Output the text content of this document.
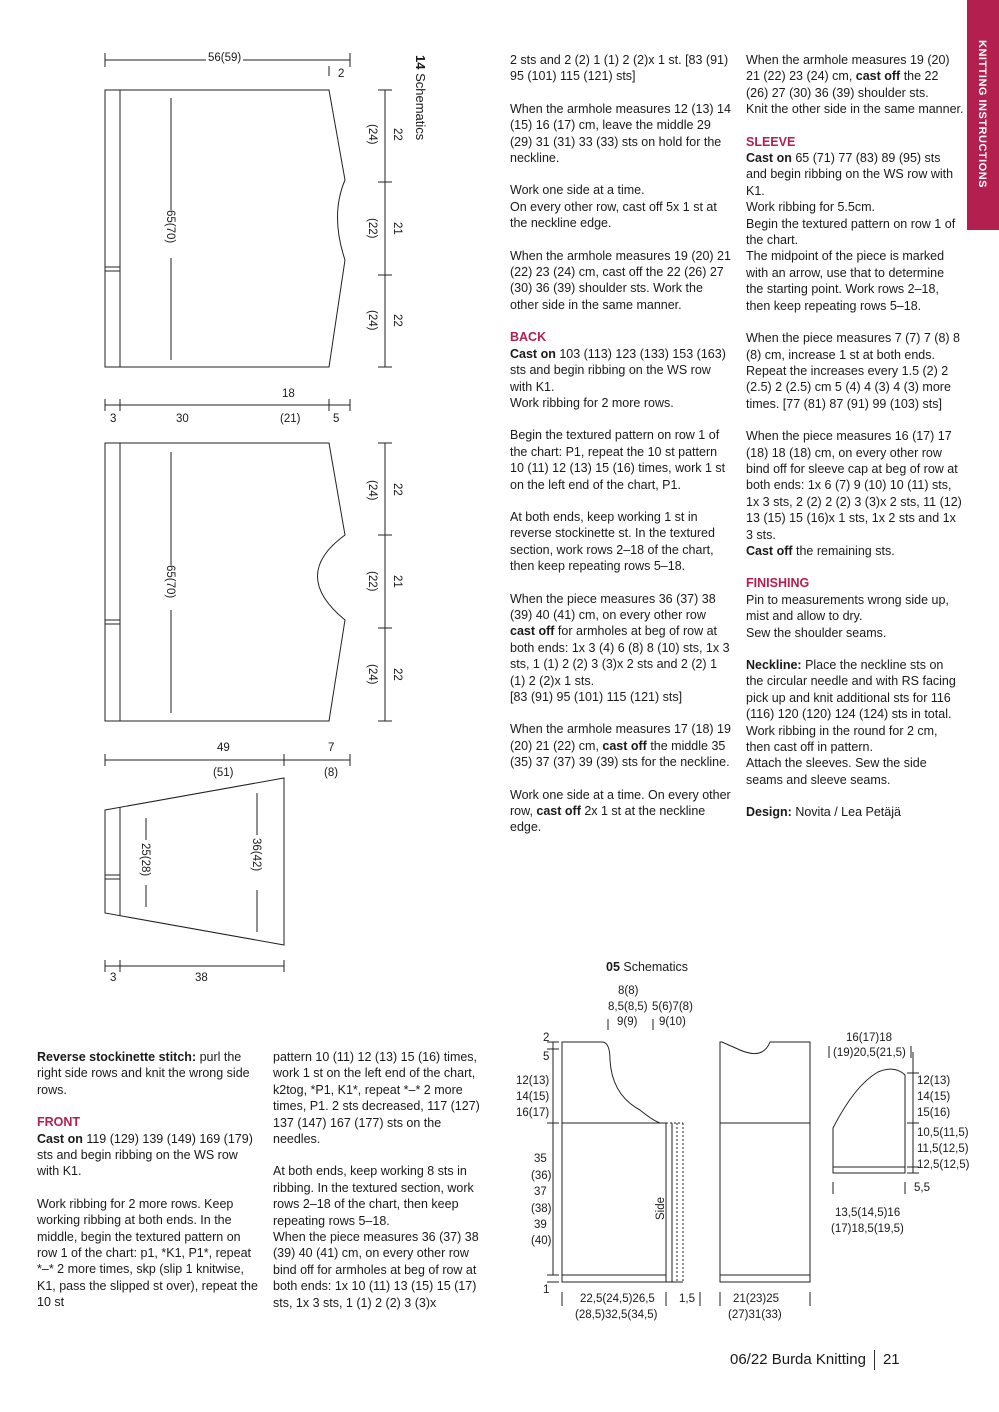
KNITTING INSTRUCTIONS
14 Schematics
56(59)
2
65(70)
22
21
22
(24)
(22)
(24)
18
3	30	(21)	5
65(70)
22
21
22
(24)
(22)
(24)
49	7
(51)	(8)
25(28)	36(42)
3	38

2 sts and 2 (2) 1 (1) 2 (2)x 1 st. [83 (91) 95 (101) 115 (121) sts]

When the armhole measures 12 (13) 14 (15) 16 (17) cm, leave the middle 29 (29) 31 (31) 33 (33) sts on hold for the neckline.

Work one side at a time.
On every other row, cast off 5x 1 st at the neckline edge.

When the armhole measures 19 (20) 21 (22) 23 (24) cm, cast off the 22 (26) 27 (30) 36 (39) shoulder sts. Work the other side in the same manner.

BACK

Cast on 103 (113) 123 (133) 153 (163) sts and begin ribbing on the WS row with K1.
Work ribbing for 2 more rows.

Begin the textured pattern on row 1 of the chart: P1, repeat the 10 st pattern 10 (11) 12 (13) 15 (16) times, work 1 st on the left end of the chart, P1.

At both ends, keep working 1 st in reverse stockinette st. In the textured section, work rows 2–18 of the chart, then keep repeating rows 5–18.

When the piece measures 36 (37) 38 (39) 40 (41) cm, on every other row cast off for armholes at beg of row at both ends: 1x 3 (4) 6 (8) 8 (10) sts, 1x 3 sts, 1 (1) 2 (2) 3 (3)x 2 sts and 2 (2) 1 (1) 2 (2)x 1 sts.
[83 (91) 95 (101) 115 (121) sts]

When the armhole measures 17 (18) 19 (20) 21 (22) cm, cast off the middle 35 (35) 37 (37) 39 (39) sts for the neckline.

Work one side at a time. On every other row, cast off 2x 1 st at the neckline edge.

When the armhole measures 19 (20) 21 (22) 23 (24) cm, cast off the 22 (26) 27 (30) 36 (39) shoulder sts.
Knit the other side in the same manner.

SLEEVE

Cast on 65 (71) 77 (83) 89 (95) sts and begin ribbing on the WS row with K1.
Work ribbing for 5.5cm.
Begin the textured pattern on row 1 of the chart.
The midpoint of the piece is marked with an arrow, use that to determine the starting point. Work rows 2–18, then keep repeating rows 5–18.

When the piece measures 7 (7) 7 (8) 8 (8) cm, increase 1 st at both ends. Repeat the increases every 1.5 (2) 2 (2.5) 2 (2.5) cm 5 (4) 4 (3) 4 (3) more times. [77 (81) 87 (91) 99 (103) sts]

When the piece measures 16 (17) 17 (18) 18 (18) cm, on every other row bind off for sleeve cap at beg of row at both ends: 1x 6 (7) 9 (10) 10 (11) sts, 1x 3 sts, 2 (2) 2 (2) 3 (3)x 2 sts, 11 (12) 13 (15) 15 (16)x 1 sts, 1x 2 sts and 1x 3 sts.
Cast off the remaining sts.

FINISHING

Pin to measurements wrong side up, mist and allow to dry.
Sew the shoulder seams.

Neckline: Place the neckline sts on the circular needle and with RS facing pick up and knit additional sts for 116 (116) 120 (120) 124 (124) sts in total.
Work ribbing in the round for 2 cm, then cast off in pattern.
Attach the sleeves. Sew the side seams and sleeve seams.

Design: Novita / Lea Petäjä

Reverse stockinette stitch: purl the right side rows and knit the wrong side rows.

FRONT

Cast on 119 (129) 139 (149) 169 (179) sts and begin ribbing on the WS row with K1.

Work ribbing for 2 more rows. Keep working ribbing at both ends. In the middle, begin the textured pattern on row 1 of the chart: p1, *K1, P1*, repeat *–* 2 more times, skp (slip 1 knitwise, K1, pass the slipped st over), repeat the 10 st

pattern 10 (11) 12 (13) 15 (16) times, work 1 st on the left end of the chart, k2tog, *P1, K1*, repeat *–* 2 more times, P1. 2 sts decreased, 117 (127) 137 (147) 167 (177) sts on the needles.

At both ends, keep working 8 sts in ribbing. In the textured section, work rows 2–18 of the chart, then keep repeating rows 5–18.

When the piece measures 36 (37) 38 (39) 40 (41) cm, on every other row bind off for armholes at beg of row at both ends: 1x 10 (11) 13 (15) 15 (17) sts, 1x 3 sts, 1 (1) 2 (2) 3 (3)x

05 Schematics
8(8)
8,5(8,5) 5(6)7(8)
9(9) 9(10)
2
5
12(13)
14(15)
16(17)
35
(36)
37
(38)
39
(40)
1
Side
22,5(24,5)26,5
(28,5)32,5(34,5)
1,5	21(23)25
(27)31(33)
16(17)18
(19)20,5(21,5)
12(13)
14(15)
15(16)
10,5(11,5)
11,5(12,5)
12,5(12,5)
5,5
13,5(14,5)16
(17)18,5(19,5)
06/22 Burda Knitting 21
